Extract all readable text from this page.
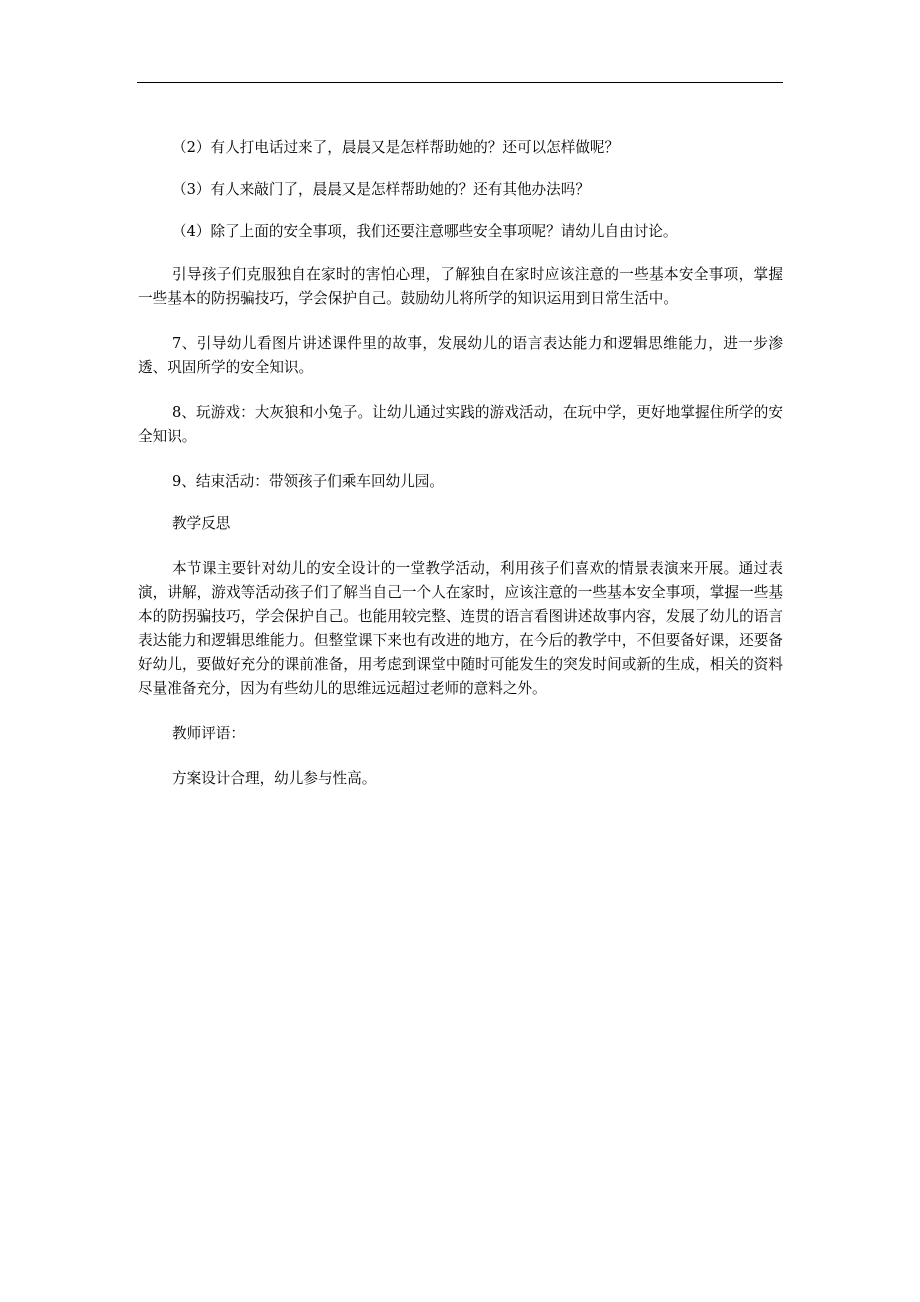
（2）有人打电话过来了，晨晨又是怎样帮助她的？还可以怎样做呢？

（3）有人来敲门了，晨晨又是怎样帮助她的？还有其他办法吗？

（4）除了上面的安全事项，我们还要注意哪些安全事项呢？请幼儿自由讨论。

引导孩子们克服独自在家时的害怕心理，了解独自在家时应该注意的一些基本安全事项，掌握一些基本的防拐骗技巧，学会保护自己。鼓励幼儿将所学的知识运用到日常生活中。

7、引导幼儿看图片讲述课件里的故事，发展幼儿的语言表达能力和逻辑思维能力，进一步渗透、巩固所学的安全知识。

8、玩游戏：大灰狼和小兔子。让幼儿通过实践的游戏活动，在玩中学，更好地掌握住所学的安全知识。

9、结束活动：带领孩子们乘车回幼儿园。

教学反思

本节课主要针对幼儿的安全设计的一堂教学活动，利用孩子们喜欢的情景表演来开展。通过表演，讲解，游戏等活动孩子们了解当自己一个人在家时，应该注意的一些基本安全事项，掌握一些基本的防拐骗技巧，学会保护自己。也能用较完整、连贯的语言看图讲述故事内容，发展了幼儿的语言表达能力和逻辑思维能力。但整堂课下来也有改进的地方，在今后的教学中，不但要备好课，还要备好幼儿，要做好充分的课前准备，用考虑到课堂中随时可能发生的突发时间或新的生成，相关的资料尽量准备充分，因为有些幼儿的思维远远超过老师的意料之外。

教师评语：

方案设计合理，幼儿参与性高。
